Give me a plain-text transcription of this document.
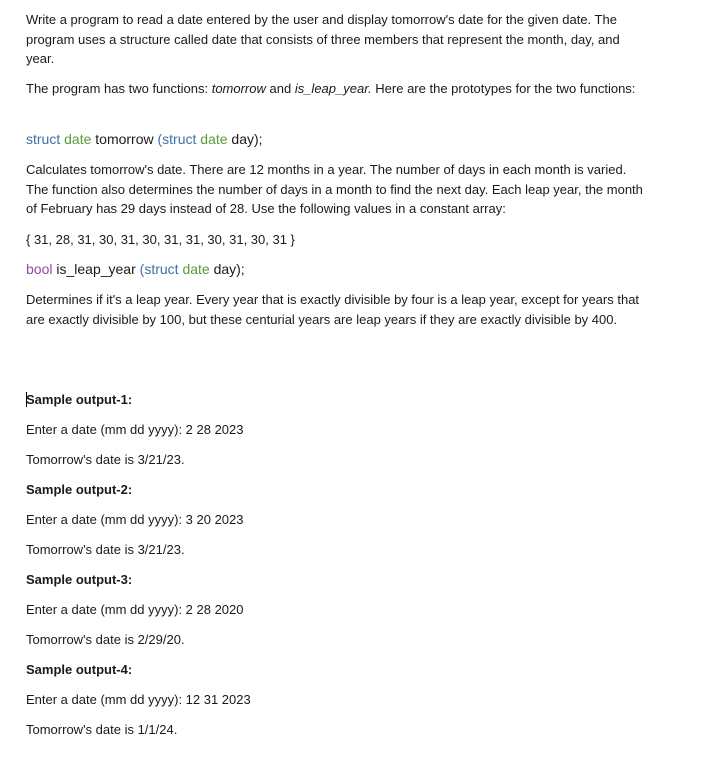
Write a program to read a date entered by the user and display tomorrow's date for the given date. The program uses a structure called date that consists of three members that represent the month, day, and year.

The program has two functions: tomorrow and is_leap_year. Here are the prototypes for the two functions:

struct date tomorrow (struct date day);

Calculates tomorrow's date. There are 12 months in a year. The number of days in each month is varied. The function also determines the number of days in a month to find the next day. Each leap year, the month of February has 29 days instead of 28. Use the following values in a constant array:

{ 31, 28, 31, 30, 31, 30, 31, 31, 30, 31, 30, 31 }

bool is_leap_year (struct date day);

Determines if it's a leap year. Every year that is exactly divisible by four is a leap year, except for years that are exactly divisible by 100, but these centurial years are leap years if they are exactly divisible by 400.

Sample output-1:

Enter a date (mm dd yyyy): 2 28 2023

Tomorrow's date is 3/21/23.

Sample output-2:

Enter a date (mm dd yyyy): 3 20 2023

Tomorrow's date is 3/21/23.

Sample output-3:

Enter a date (mm dd yyyy): 2 28 2020

Tomorrow's date is 2/29/20.

Sample output-4:

Enter a date (mm dd yyyy): 12 31 2023

Tomorrow's date is 1/1/24.
